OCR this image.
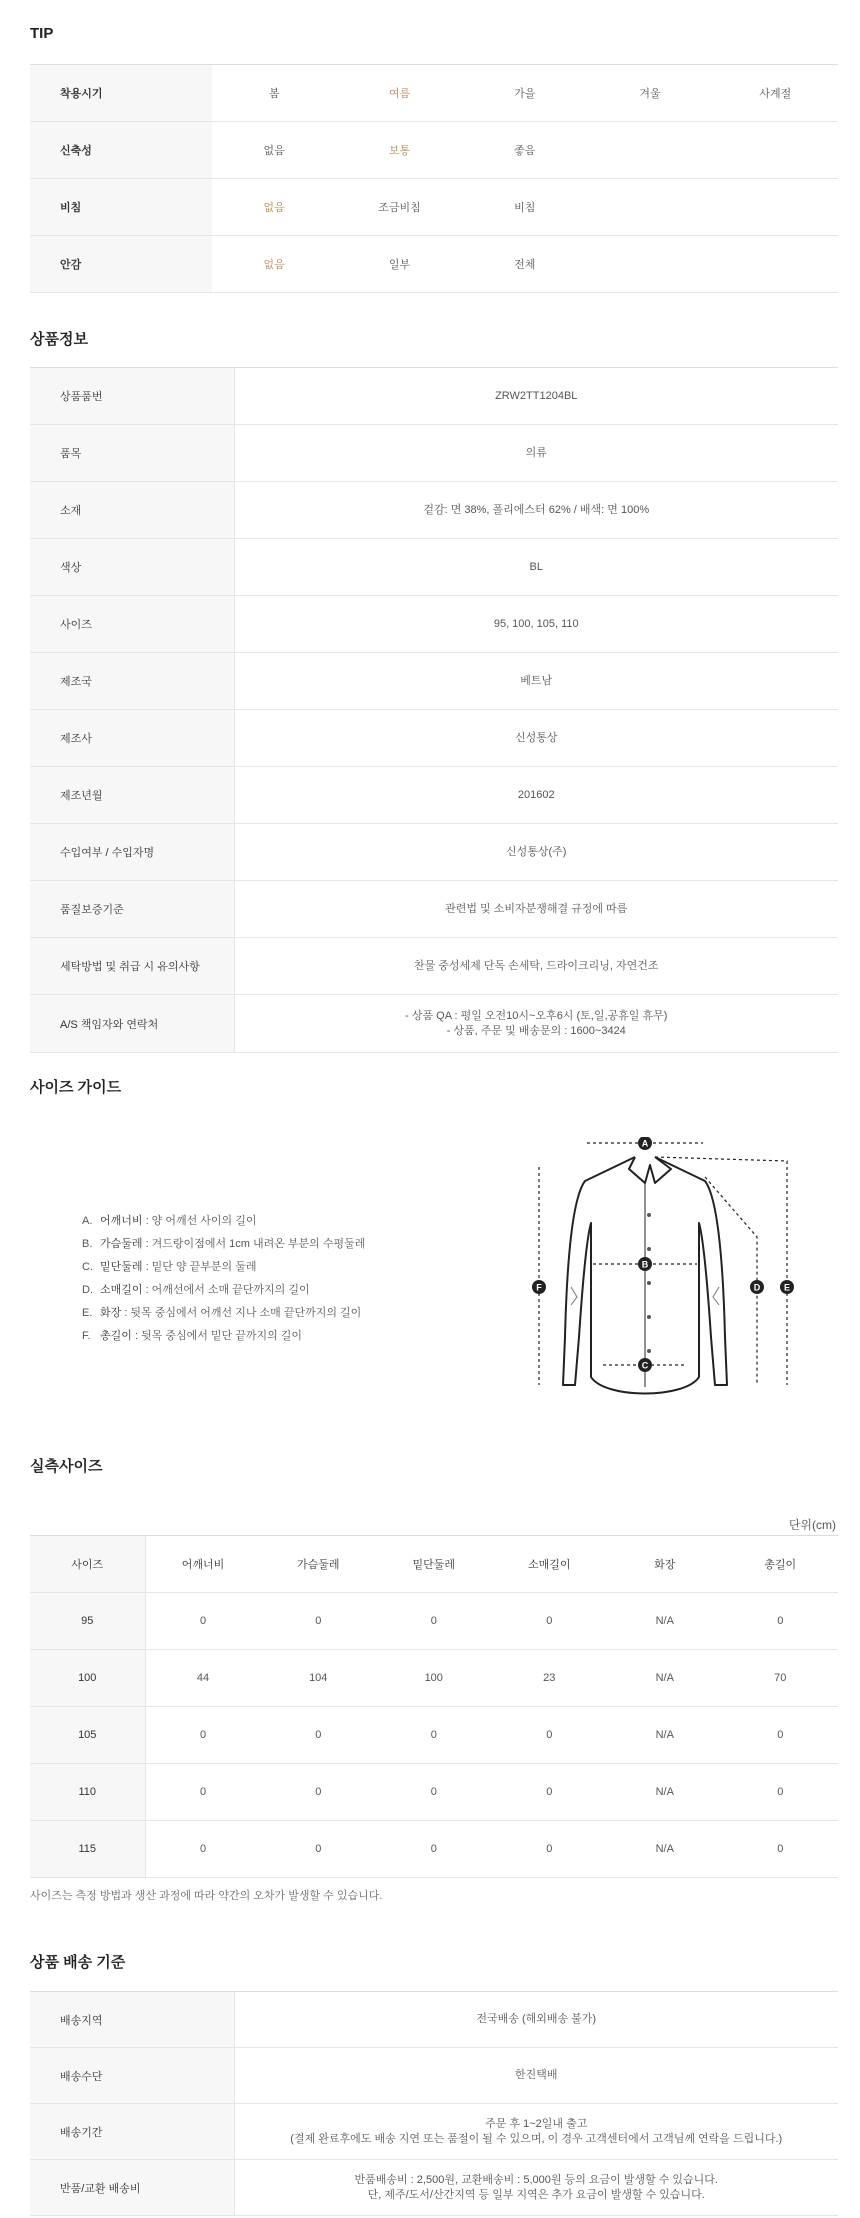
TIP
착용시기	봄	여름	가을	겨울	사계절
신축성	없음	보통	좋음		
비침	없음	조금비침	비침		
안감	없음	일부	전체		
상품정보
상품품번	ZRW2TT1204BL
품목	의류
소재	겉감: 면 38%, 폴리에스터 62% / 배색: 면 100%
색상	BL
사이즈	95, 100, 105, 110
제조국	베트남
제조사	신성통상
제조년월	201602
수입여부 / 수입자명	신성통상(주)
품질보증기준	관련법 및 소비자분쟁해결 규정에 따름
세탁방법 및 취급 시 유의사항	찬물 중성세제 단독 손세탁, 드라이크리닝, 자연건조
A/S 책임자와 연락처	- 상품 QA : 평일 오전10시~오후6시 (토,일,공휴일 휴무)
- 상품, 주문 및 배송문의 : 1600~3424
사이즈 가이드
A. 어깨너비 : 양 어깨선 사이의 길이
B. 가슴둘레 : 겨드랑이점에서 1cm 내려온 부분의 수평둘레
C. 밑단둘레 : 밑단 양 끝부분의 둘레
D. 소매길이 : 어깨선에서 소매 끝단까지의 길이
E. 화장 : 뒷목 중심에서 어깨선 지나 소매 끝단까지의 길이
F. 총길이 : 뒷목 중심에서 밑단 끝까지의 길이
A
B
C
D	E
F
실측사이즈
단위(cm)
사이즈	어깨너비	가슴둘레	밑단둘레	소매길이	화장	총길이
95	0	0	0	0	N/A	0
100	44	104	100	23	N/A	70
105	0	0	0	0	N/A	0
110	0	0	0	0	N/A	0
115	0	0	0	0	N/A	0
사이즈는 측정 방법과 생산 과정에 따라 약간의 오차가 발생할 수 있습니다.
상품 배송 기준
배송지역	전국배송 (해외배송 불가)
배송수단	한진택배
배송기간	주문 후 1~2일내 출고
(결제 완료후에도 배송 지연 또는 품절이 될 수 있으며, 이 경우 고객센터에서 고객님께 연락을 드립니다.)

반품/교환 배송비	반품배송비 : 2,500원, 교환배송비 : 5,000원 등의 요금이 발생할 수 있습니다.
단, 제주/도서/산간지역 등 일부 지역은 추가 요금이 발생할 수 있습니다.
